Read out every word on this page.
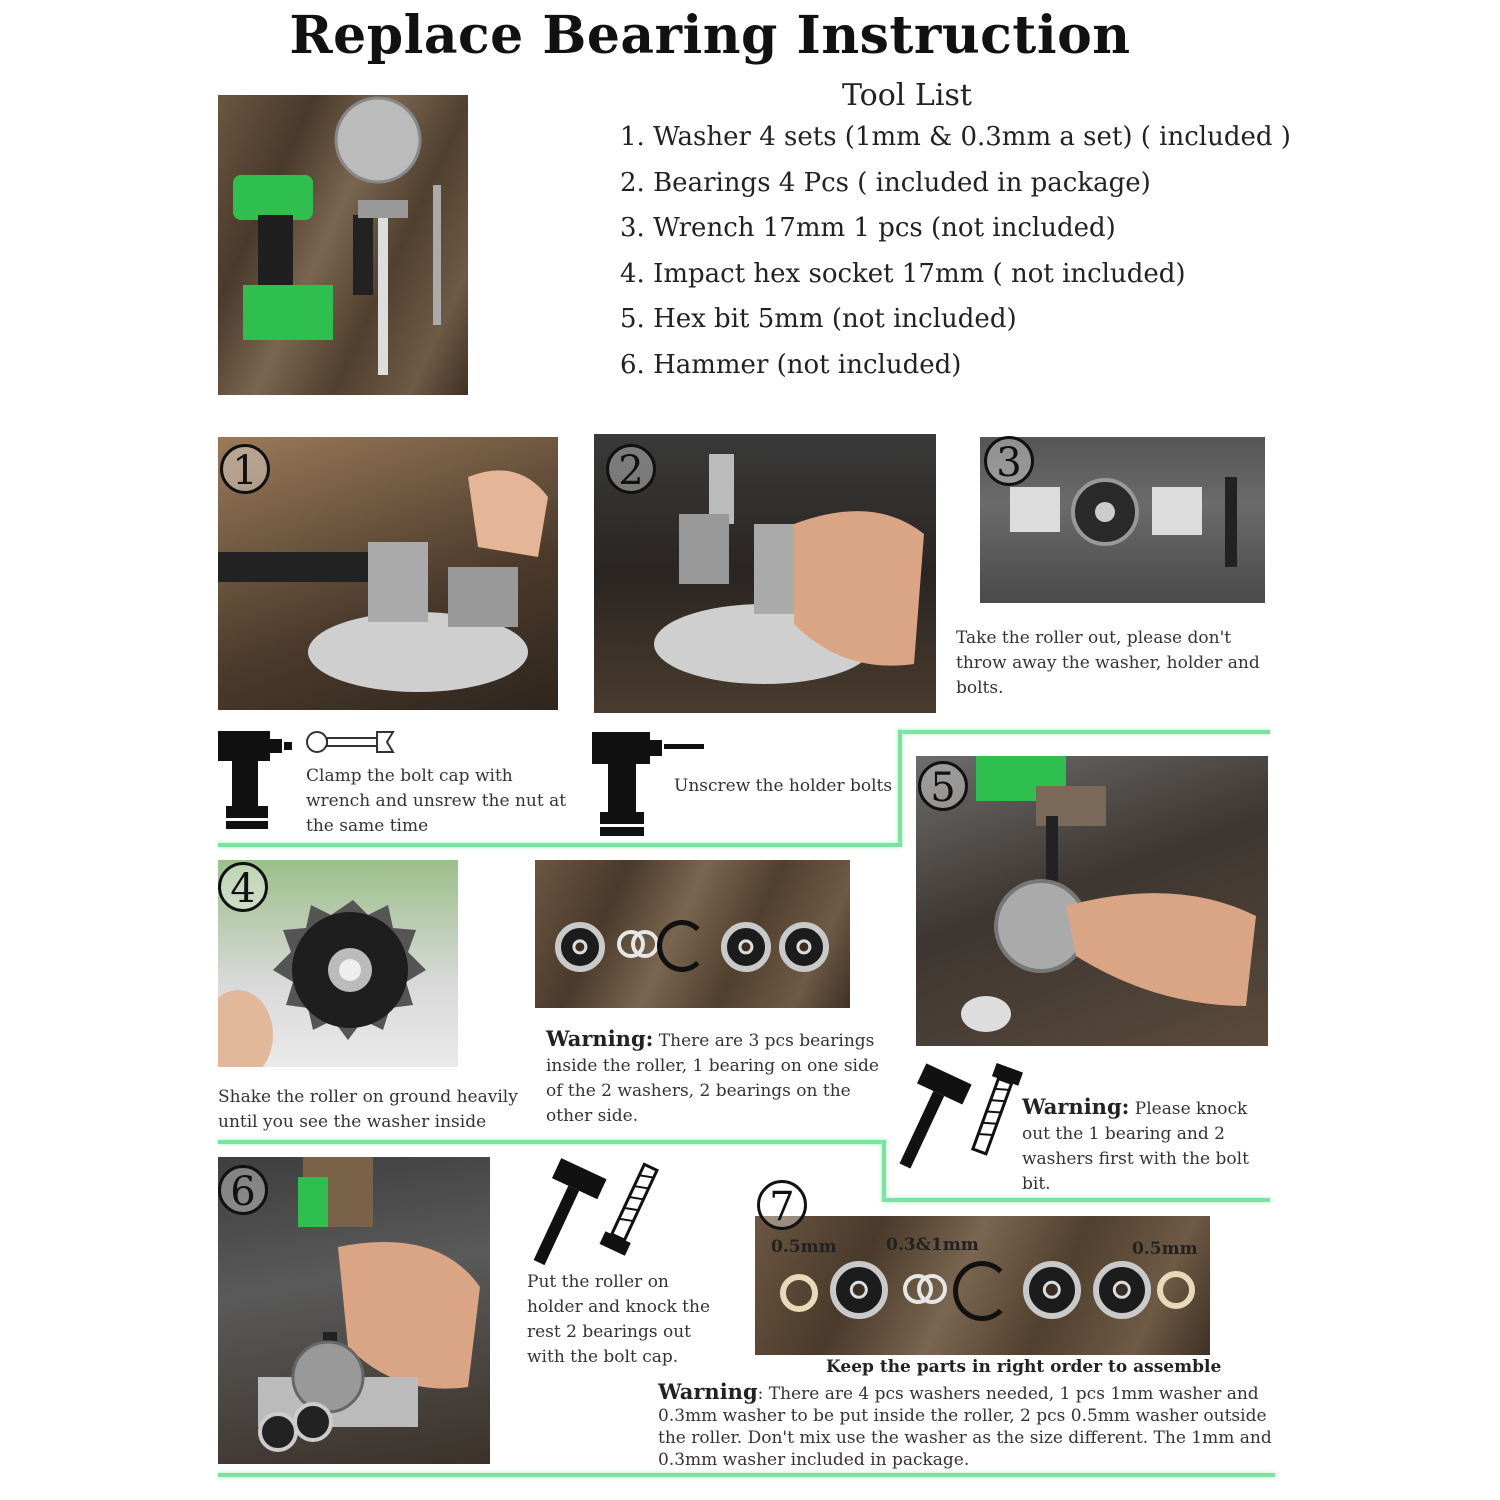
Replace Bearing Instruction
Tool List
1. Washer 4 sets (1mm & 0.3mm a set) ( included )
2. Bearings 4 Pcs ( included in package)
3. Wrench 17mm 1 pcs (not included)
4. Impact hex socket 17mm ( not included)
5. Hex bit 5mm (not included)
6. Hammer (not included)
1	2	3
Take the roller out, please don't throw away the washer, holder and bolts.
Clamp the bolt cap with wrench and unsrew the nut at the same time
Unscrew the holder bolts 5
4
Shake the roller on ground heavily until you see the washer inside
Warning: There are 3 pcs bearings inside the roller, 1 bearing on one side of the 2 washers, 2 bearings on the other side.	Warning: Please knock out the 1 bearing and 2 washers first with the bolt bit.
6
Put the roller on holder and knock the rest 2 bearings out with the bolt cap.
0.5mm	0.3&1mm	0.5mm
7
Keep the parts in right order to assemble
Warning: There are 4 pcs washers needed, 1 pcs 1mm washer and 0.3mm washer to be put inside the roller, 2 pcs 0.5mm washer outside the roller. Don't mix use the washer as the size different. The 1mm and 0.3mm washer included in package.
